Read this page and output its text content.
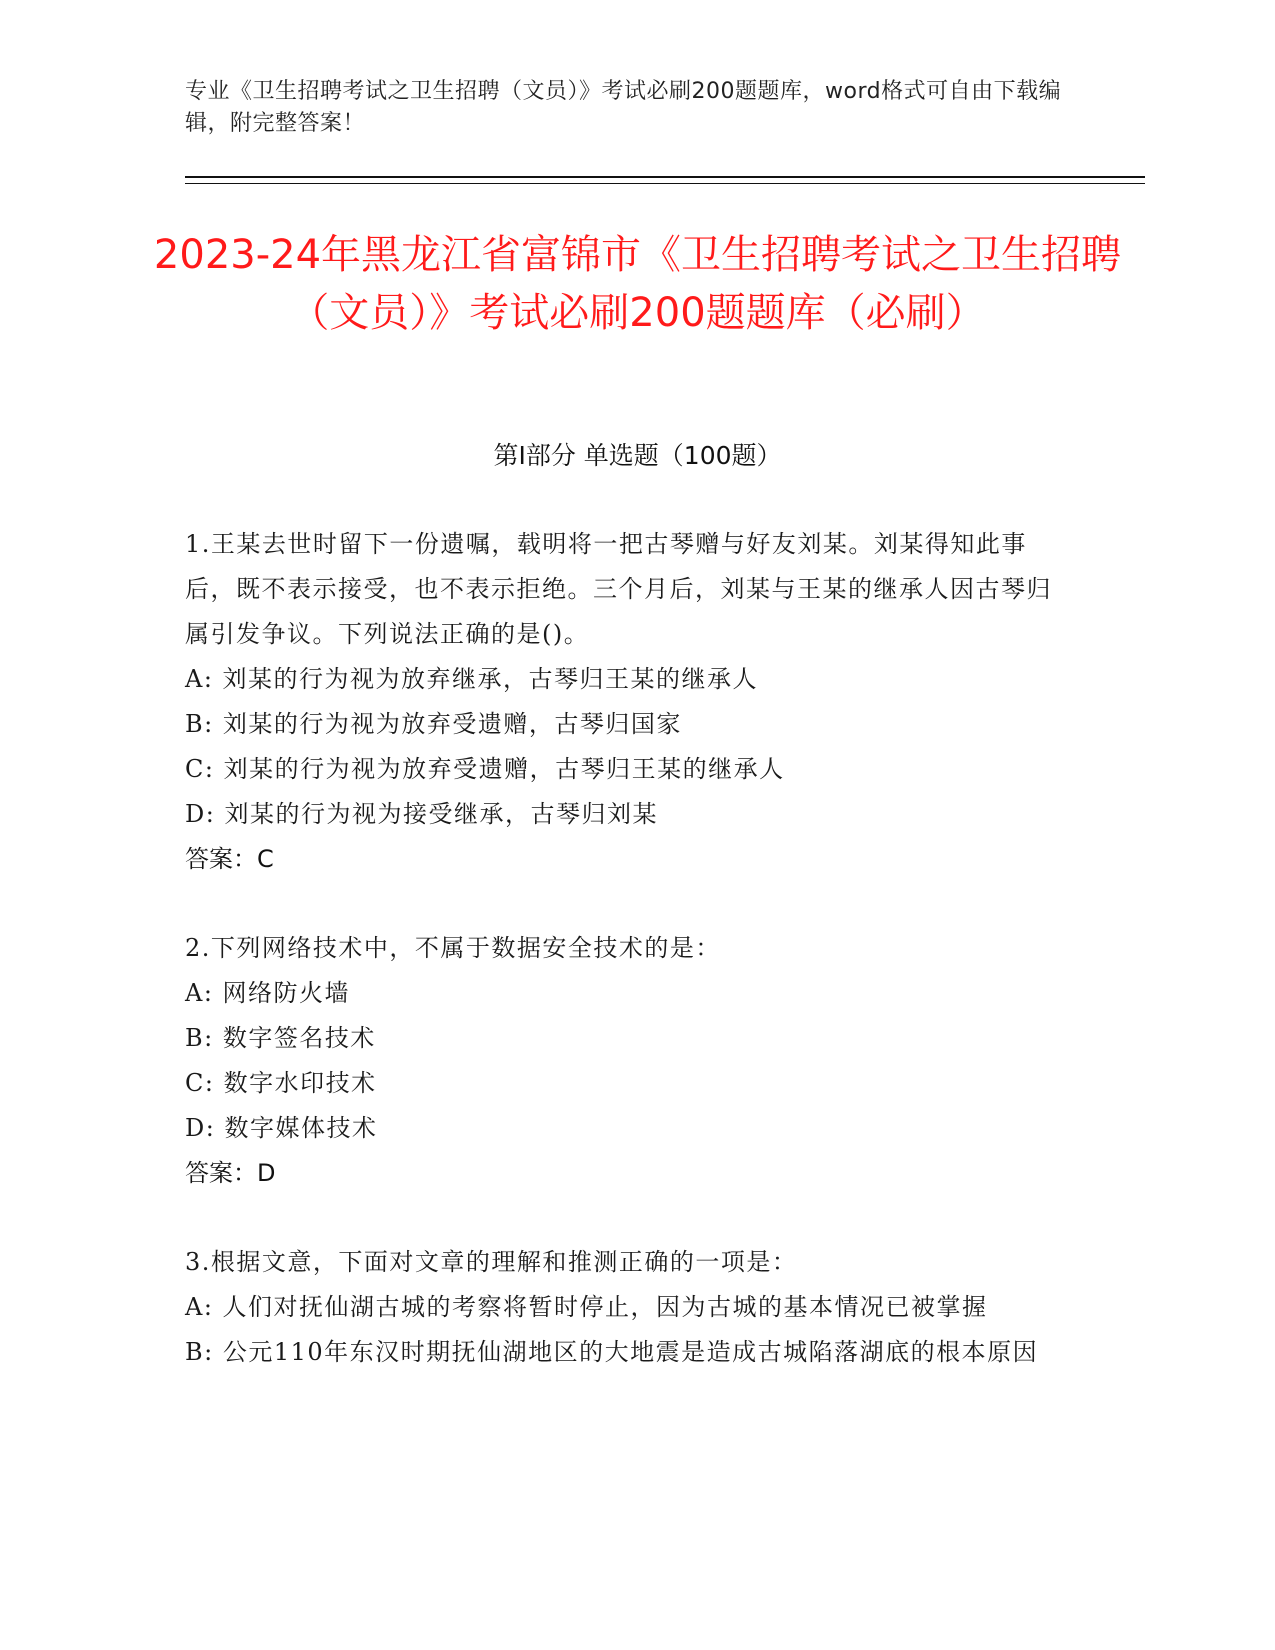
专业《卫生招聘考试之卫生招聘（文员）》考试必刷200题题库，word格式可自由下载编辑，附完整答案！
2023-24年黑龙江省富锦市《卫生招聘考试之卫生招聘（文员）》考试必刷200题题库（必刷）
第I部分 单选题（100题）
1.王某去世时留下一份遗嘱，载明将一把古琴赠与好友刘某。刘某得知此事后，既不表示接受，也不表示拒绝。三个月后，刘某与王某的继承人因古琴归属引发争议。下列说法正确的是()。
A: 刘某的行为视为放弃继承，古琴归王某的继承人
B: 刘某的行为视为放弃受遗赠，古琴归国家
C: 刘某的行为视为放弃受遗赠，古琴归王某的继承人
D: 刘某的行为视为接受继承，古琴归刘某
答案：C
2.下列网络技术中，不属于数据安全技术的是：
A: 网络防火墙
B: 数字签名技术
C: 数字水印技术
D: 数字媒体技术
答案：D
3.根据文意，下面对文章的理解和推测正确的一项是：
A: 人们对抚仙湖古城的考察将暂时停止，因为古城的基本情况已被掌握
B: 公元110年东汉时期抚仙湖地区的大地震是造成古城陷落湖底的根本原因
